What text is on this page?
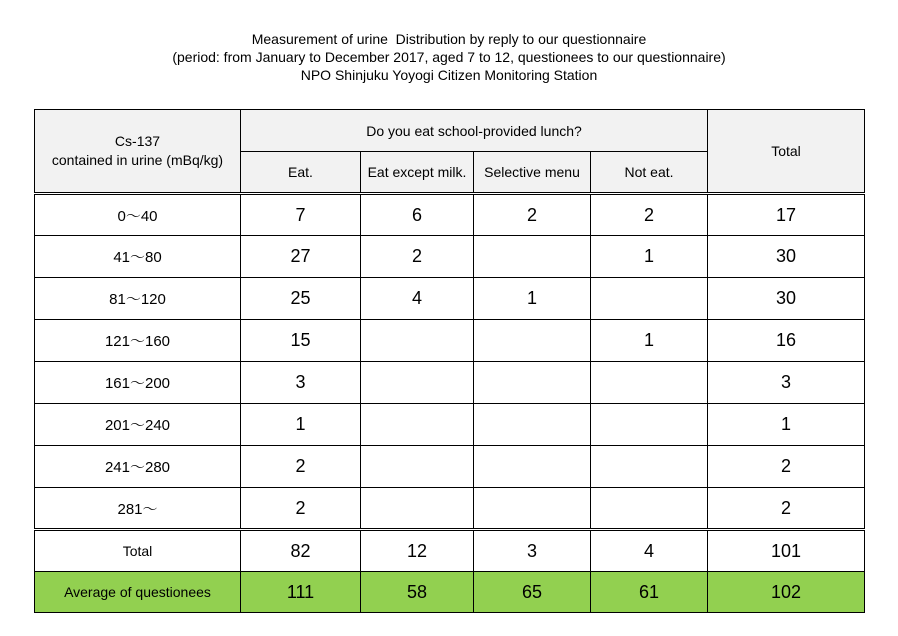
Measurement of urine  Distribution by reply to our questionnaire
(period: from January to December 2017, aged 7 to 12, questionees to our questionnaire)
NPO Shinjuku Yoyogi Citizen Monitoring Station
Cs-137
contained in urine (mBq/kg)	Do you eat school-provided lunch?				Total
	Eat.	Eat except milk.	Selective menu	Not eat.	
0～40	7	6	2	2	17
41～80	27	2		1	30
81～120	25	4	1		30
121～160	15			1	16
161～200	3				3
201～240	1				1
241～280	2				2
281～	2				2
Total	82	12	3	4	101
Average of questionees	111	58	65	61	102
